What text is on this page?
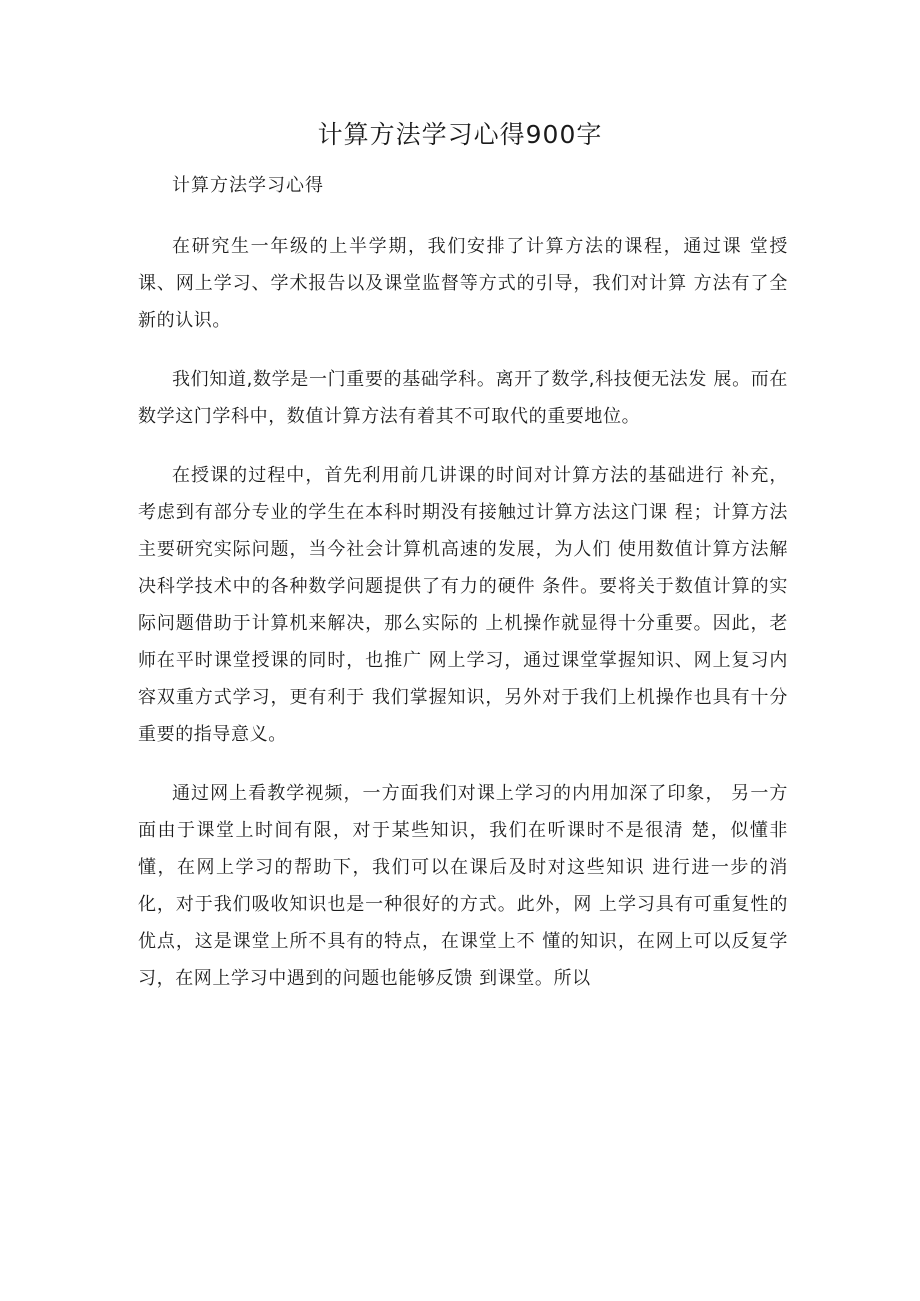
计算方法学习心得900字

计算方法学习心得

在研究生一年级的上半学期，我们安排了计算方法的课程，通过课 堂授课、网上学习、学术报告以及课堂监督等方式的引导，我们对计算 方法有了全新的认识。

我们知道,数学是一门重要的基础学科。离开了数学,科技便无法发 展。而在数学这门学科中，数值计算方法有着其不可取代的重要地位。

在授课的过程中，首先利用前几讲课的时间对计算方法的基础进行 补充，考虑到有部分专业的学生在本科时期没有接触过计算方法这门课 程；计算方法主要研究实际问题，当今社会计算机高速的发展，为人们 使用数值计算方法解决科学技术中的各种数学问题提供了有力的硬件 条件。要将关于数值计算的实际问题借助于计算机来解决，那么实际的 上机操作就显得十分重要。因此，老师在平时课堂授课的同时，也推广 网上学习，通过课堂掌握知识、网上复习内容双重方式学习，更有利于 我们掌握知识，另外对于我们上机操作也具有十分重要的指导意义。

通过网上看教学视频，一方面我们对课上学习的内用加深了印象， 另一方面由于课堂上时间有限，对于某些知识，我们在听课时不是很清 楚，似懂非懂，在网上学习的帮助下，我们可以在课后及时对这些知识 进行进一步的消化，对于我们吸收知识也是一种很好的方式。此外，网 上学习具有可重复性的优点，这是课堂上所不具有的特点，在课堂上不 懂的知识，在网上可以反复学习，在网上学习中遇到的问题也能够反馈 到课堂。所以
